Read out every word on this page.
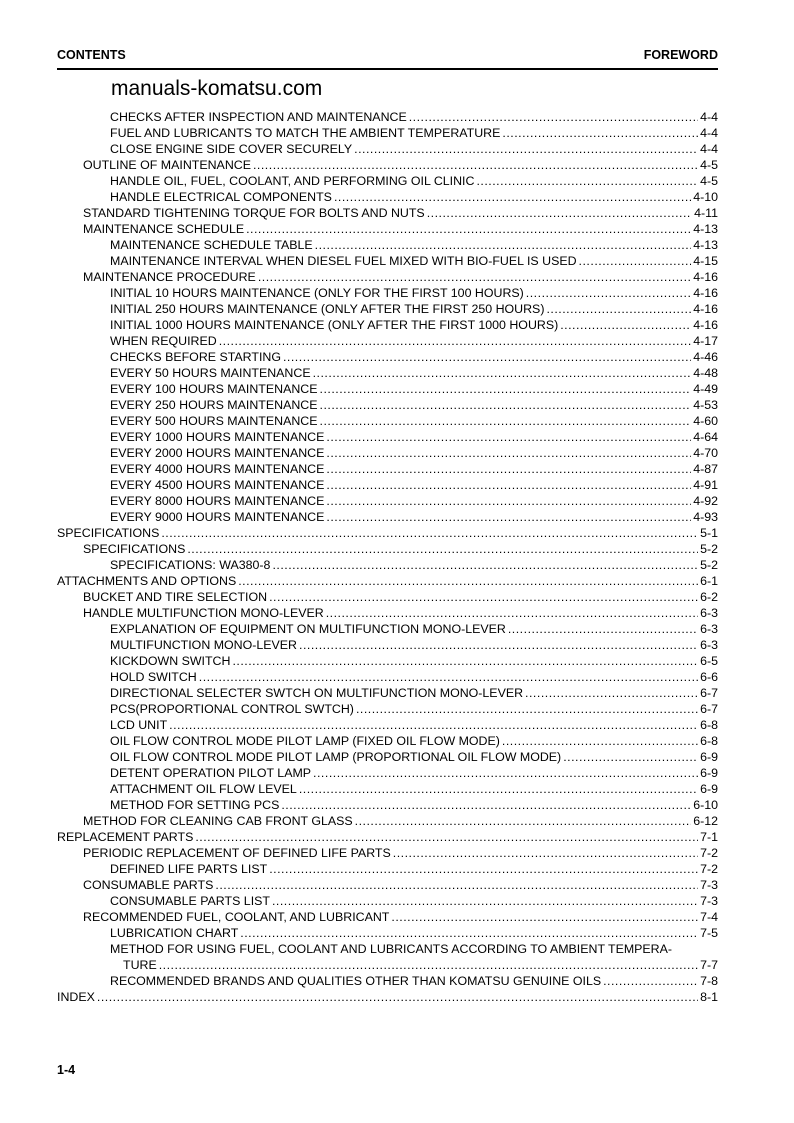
CONTENTS	FOREWORD
manuals-komatsu.com
CHECKS AFTER INSPECTION AND MAINTENANCE .....	4-4
FUEL AND LUBRICANTS TO MATCH THE AMBIENT TEMPERATURE .....	4-4
CLOSE ENGINE SIDE COVER SECURELY .....	4-4
OUTLINE OF MAINTENANCE .....	4-5
HANDLE OIL, FUEL, COOLANT, AND PERFORMING OIL CLINIC .....	4-5
HANDLE ELECTRICAL COMPONENTS .....	4-10
STANDARD TIGHTENING TORQUE FOR BOLTS AND NUTS .....	4-11
MAINTENANCE SCHEDULE .....	4-13
MAINTENANCE SCHEDULE TABLE .....	4-13
MAINTENANCE INTERVAL WHEN DIESEL FUEL MIXED WITH BIO-FUEL IS USED .....	4-15
MAINTENANCE PROCEDURE .....	4-16
INITIAL 10 HOURS MAINTENANCE (ONLY FOR THE FIRST 100 HOURS) .....	4-16
INITIAL 250 HOURS MAINTENANCE (ONLY AFTER THE FIRST 250 HOURS) .....	4-16
INITIAL 1000 HOURS MAINTENANCE (ONLY AFTER THE FIRST 1000 HOURS) .....	4-16
WHEN REQUIRED .....	4-17
CHECKS BEFORE STARTING .....	4-46
EVERY 50 HOURS MAINTENANCE .....	4-48
EVERY 100 HOURS MAINTENANCE .....	4-49
EVERY 250 HOURS MAINTENANCE .....	4-53
EVERY 500 HOURS MAINTENANCE .....	4-60
EVERY 1000 HOURS MAINTENANCE .....	4-64
EVERY 2000 HOURS MAINTENANCE .....	4-70
EVERY 4000 HOURS MAINTENANCE .....	4-87
EVERY 4500 HOURS MAINTENANCE .....	4-91
EVERY 8000 HOURS MAINTENANCE .....	4-92
EVERY 9000 HOURS MAINTENANCE .....	4-93
SPECIFICATIONS .....	5-1
SPECIFICATIONS .....	5-2
SPECIFICATIONS: WA380-8 .....	5-2
ATTACHMENTS AND OPTIONS .....	6-1
BUCKET AND TIRE SELECTION .....	6-2
HANDLE MULTIFUNCTION MONO-LEVER .....	6-3
EXPLANATION OF EQUIPMENT ON MULTIFUNCTION MONO-LEVER .....	6-3
MULTIFUNCTION MONO-LEVER .....	6-3
KICKDOWN SWITCH .....	6-5
HOLD SWITCH .....	6-6
DIRECTIONAL SELECTER SWTCH ON MULTIFUNCTION MONO-LEVER .....	6-7
PCS(PROPORTIONAL CONTROL SWTCH) .....	6-7
LCD UNIT .....	6-8
OIL FLOW CONTROL MODE PILOT LAMP (FIXED OIL FLOW MODE) .....	6-8
OIL FLOW CONTROL MODE PILOT LAMP (PROPORTIONAL OIL FLOW MODE) .....	6-9
DETENT OPERATION PILOT LAMP .....	6-9
ATTACHMENT OIL FLOW LEVEL .....	6-9
METHOD FOR SETTING PCS .....	6-10
METHOD FOR CLEANING CAB FRONT GLASS .....	6-12
REPLACEMENT PARTS .....	7-1
PERIODIC REPLACEMENT OF DEFINED LIFE PARTS .....	7-2
DEFINED LIFE PARTS LIST .....	7-2
CONSUMABLE PARTS .....	7-3
CONSUMABLE PARTS LIST .....	7-3
RECOMMENDED FUEL, COOLANT, AND LUBRICANT .....	7-4
LUBRICATION CHART .....	7-5
METHOD FOR USING FUEL, COOLANT AND LUBRICANTS ACCORDING TO AMBIENT TEMPERA-
TURE .....	7-7
RECOMMENDED BRANDS AND QUALITIES OTHER THAN KOMATSU GENUINE OILS .....	7-8
INDEX .....	8-1
1-4
